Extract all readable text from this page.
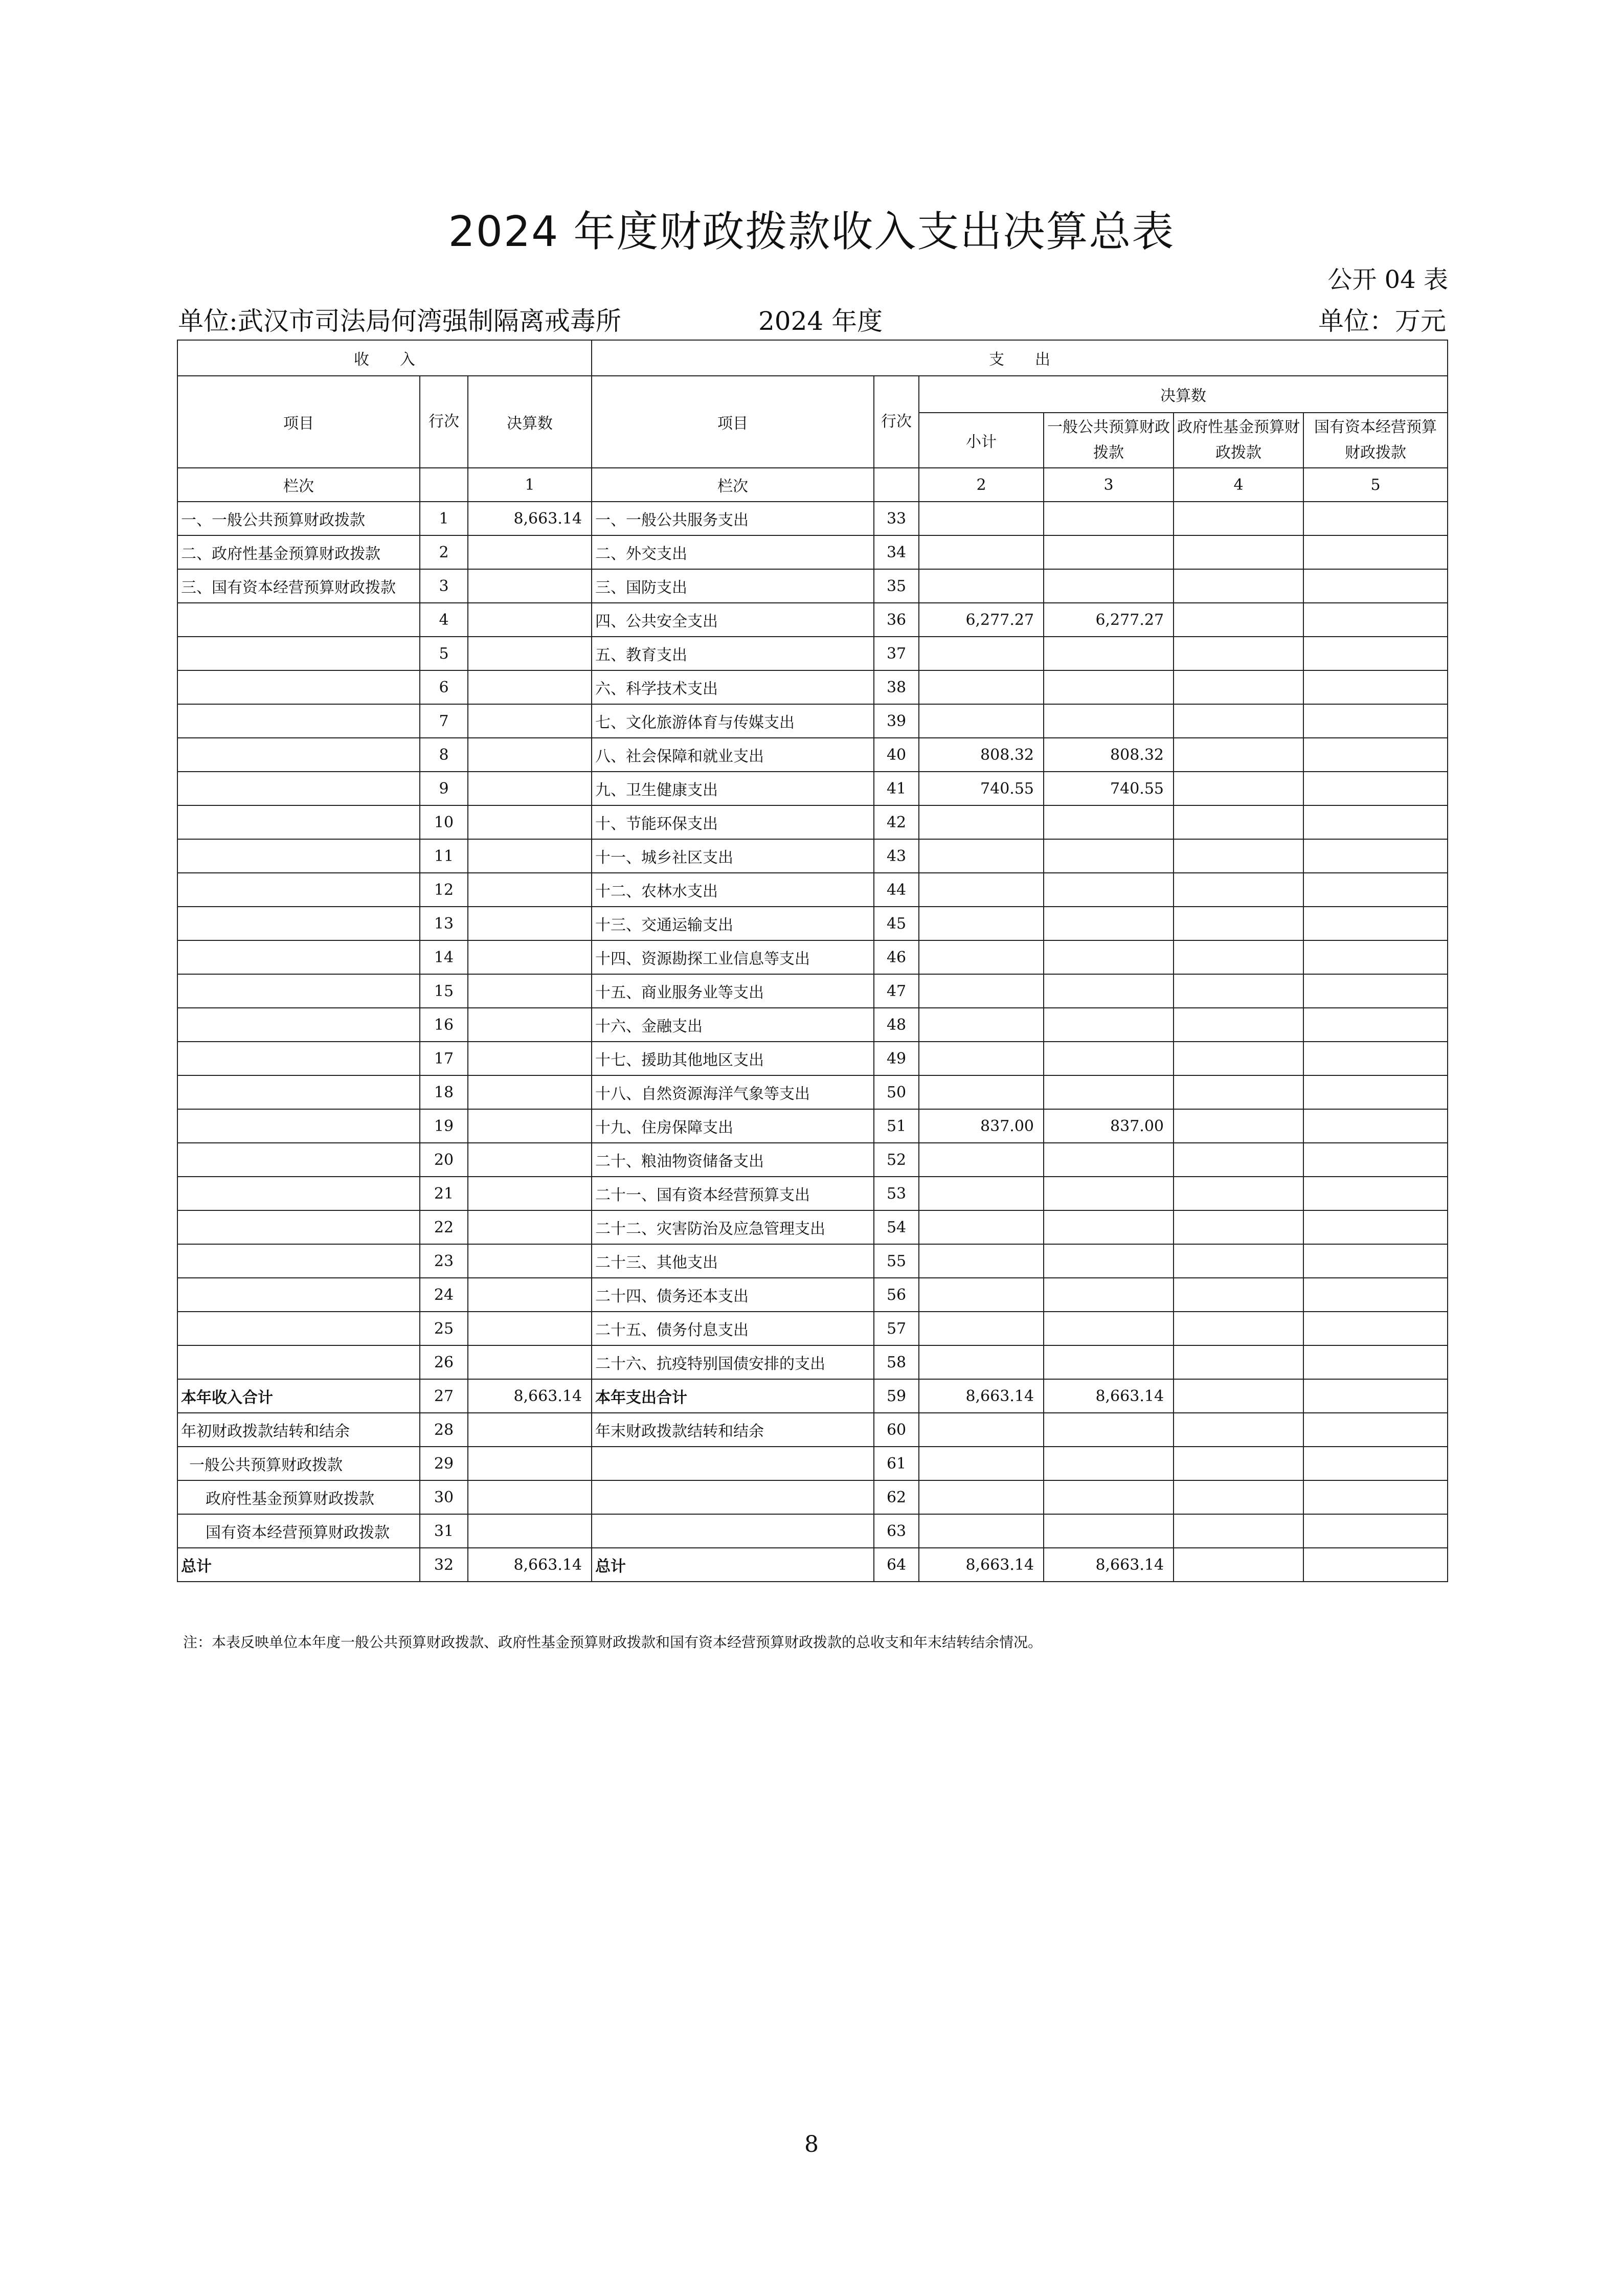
2024 年度财政拨款收入支出决算总表
公开 04 表
单位:武汉市司法局何湾强制隔离戒毒所	2024 年度	单位：万元
收　　入			支　　出					
项目	行次	决算数	项目	行次	决算数			
					小计	一般公共预算财政拨款	政府性基金预算财政拨款	国有资本经营预算财政拨款
栏次		1	栏次		2	3	4	5
一、一般公共预算财政拨款	1	8,663.14	一、一般公共服务支出	33				
二、政府性基金预算财政拨款	2		二、外交支出	34				
三、国有资本经营预算财政拨款	3		三、国防支出	35				
	4		四、公共安全支出	36	6,277.27	6,277.27		
	5		五、教育支出	37				
	6		六、科学技术支出	38				
	7		七、文化旅游体育与传媒支出	39				
	8		八、社会保障和就业支出	40	808.32	808.32		
	9		九、卫生健康支出	41	740.55	740.55		
	10		十、节能环保支出	42				
	11		十一、城乡社区支出	43				
	12		十二、农林水支出	44				
	13		十三、交通运输支出	45				
	14		十四、资源勘探工业信息等支出	46				
	15		十五、商业服务业等支出	47				
	16		十六、金融支出	48				
	17		十七、援助其他地区支出	49				
	18		十八、自然资源海洋气象等支出	50				
	19		十九、住房保障支出	51	837.00	837.00		
	20		二十、粮油物资储备支出	52				
	21		二十一、国有资本经营预算支出	53				
	22		二十二、灾害防治及应急管理支出	54				
	23		二十三、其他支出	55				
	24		二十四、债务还本支出	56				
	25		二十五、债务付息支出	57				
	26		二十六、抗疫特别国债安排的支出	58				
本年收入合计	27	8,663.14	本年支出合计	59	8,663.14	8,663.14		
年初财政拨款结转和结余	28		年末财政拨款结转和结余	60				
一般公共预算财政拨款	29			61				
政府性基金预算财政拨款	30			62				
国有资本经营预算财政拨款	31			63				
总计	32	8,663.14	总计	64	8,663.14	8,663.14		
注：本表反映单位本年度一般公共预算财政拨款、政府性基金预算财政拨款和国有资本经营预算财政拨款的总收支和年末结转结余情况。
8
